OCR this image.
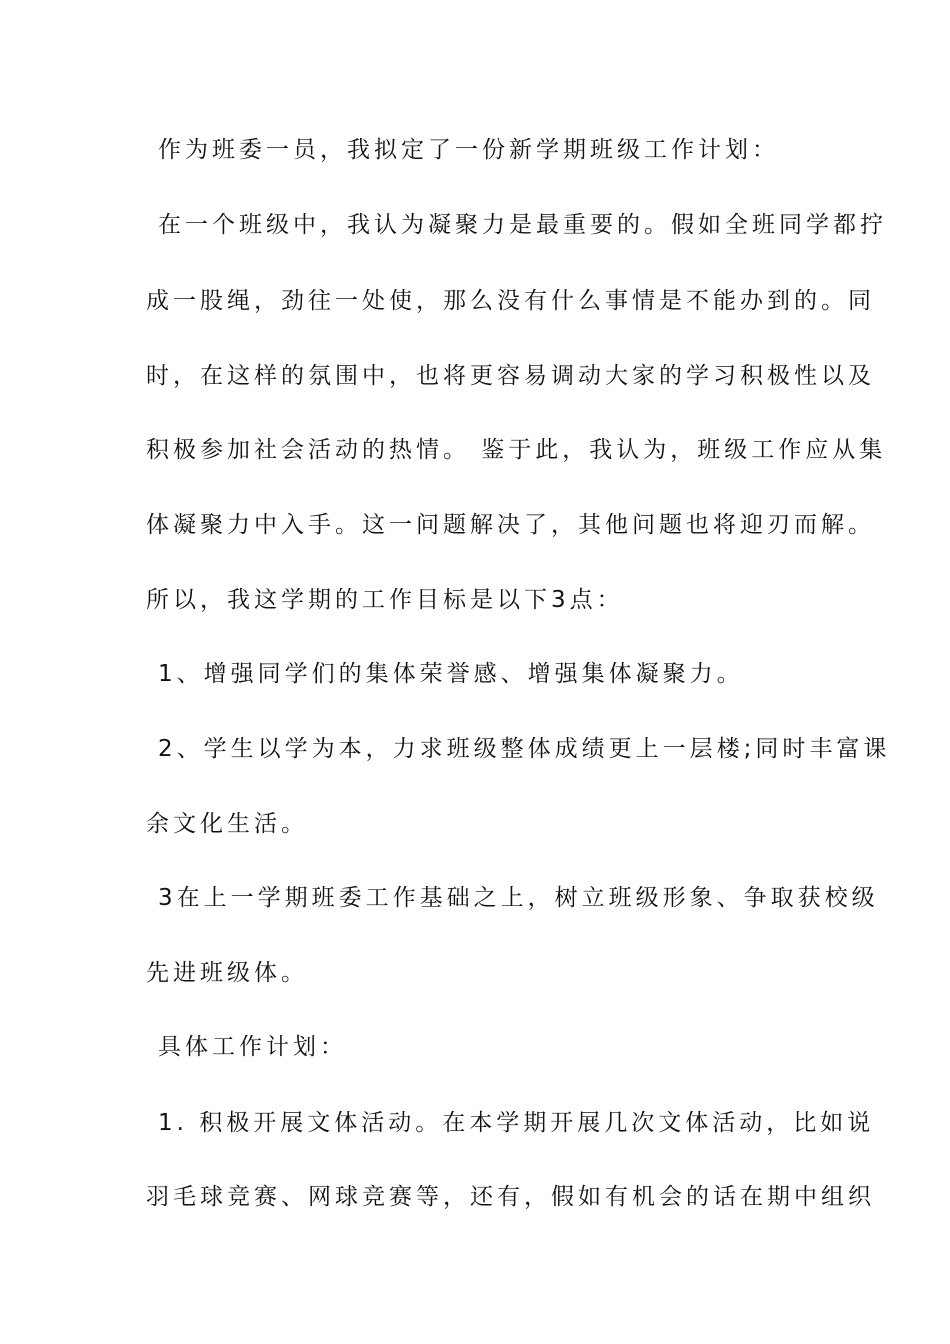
作为班委一员，我拟定了一份新学期班级工作计划：
在一个班级中，我认为凝聚力是最重要的。假如全班同学都拧
成一股绳，劲往一处使，那么没有什么事情是不能办到的。同
时，在这样的氛围中，也将更容易调动大家的学习积极性以及
积极参加社会活动的热情。 鉴于此，我认为，班级工作应从集
体凝聚力中入手。这一问题解决了，其他问题也将迎刃而解。
所以，我这学期的工作目标是以下3点：
1、增强同学们的集体荣誉感、增强集体凝聚力。
2、学生以学为本，力求班级整体成绩更上一层楼;同时丰富课
余文化生活。
3在上一学期班委工作基础之上，树立班级形象、争取获校级
先进班级体。
具体工作计划：
1. 积极开展文体活动。在本学期开展几次文体活动，比如说
羽毛球竞赛、网球竞赛等，还有，假如有机会的话在期中组织
